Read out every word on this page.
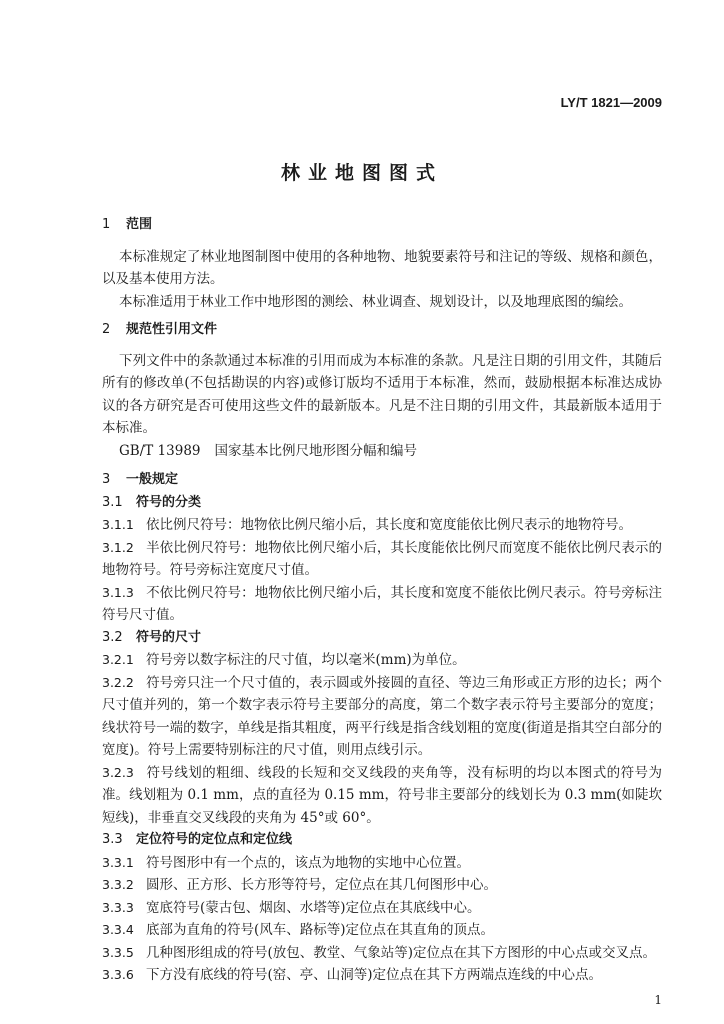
LY/T 1821—2009
林业地图图式
1 范围
本标准规定了林业地图制图中使用的各种地物、地貌要素符号和注记的等级、规格和颜色，以及基本使用方法。
本标准适用于林业工作中地形图的测绘、林业调查、规划设计，以及地理底图的编绘。
2 规范性引用文件
下列文件中的条款通过本标准的引用而成为本标准的条款。凡是注日期的引用文件，其随后所有的修改单(不包括勘误的内容)或修订版均不适用于本标准，然而，鼓励根据本标准达成协议的各方研究是否可使用这些文件的最新版本。凡是不注日期的引用文件，其最新版本适用于本标准。
GB/T 13989 国家基本比例尺地形图分幅和编号
3 一般规定
3.1 符号的分类
3.1.1 依比例尺符号：地物依比例尺缩小后，其长度和宽度能依比例尺表示的地物符号。
3.1.2 半依比例尺符号：地物依比例尺缩小后，其长度能依比例尺而宽度不能依比例尺表示的地物符号。符号旁标注宽度尺寸值。
3.1.3 不依比例尺符号：地物依比例尺缩小后，其长度和宽度不能依比例尺表示。符号旁标注符号尺寸值。
3.2 符号的尺寸
3.2.1 符号旁以数字标注的尺寸值，均以毫米(mm)为单位。
3.2.2 符号旁只注一个尺寸值的，表示圆或外接圆的直径、等边三角形或正方形的边长；两个尺寸值并列的，第一个数字表示符号主要部分的高度，第二个数字表示符号主要部分的宽度；线状符号一端的数字，单线是指其粗度，两平行线是指含线划粗的宽度(街道是指其空白部分的宽度)。符号上需要特别标注的尺寸值，则用点线引示。
3.2.3 符号线划的粗细、线段的长短和交叉线段的夹角等，没有标明的均以本图式的符号为准。线划粗为 0.1 mm，点的直径为 0.15 mm，符号非主要部分的线划长为 0.3 mm(如陡坎短线)，非垂直交叉线段的夹角为 45°或 60°。
3.3 定位符号的定位点和定位线
3.3.1 符号图形中有一个点的，该点为地物的实地中心位置。
3.3.2 圆形、正方形、长方形等符号，定位点在其几何图形中心。
3.3.3 宽底符号(蒙古包、烟囱、水塔等)定位点在其底线中心。
3.3.4 底部为直角的符号(风车、路标等)定位点在其直角的顶点。
3.3.5 几种图形组成的符号(放包、教堂、气象站等)定位点在其下方图形的中心点或交叉点。
3.3.6 下方没有底线的符号(窑、亭、山洞等)定位点在其下方两端点连线的中心点。
1
